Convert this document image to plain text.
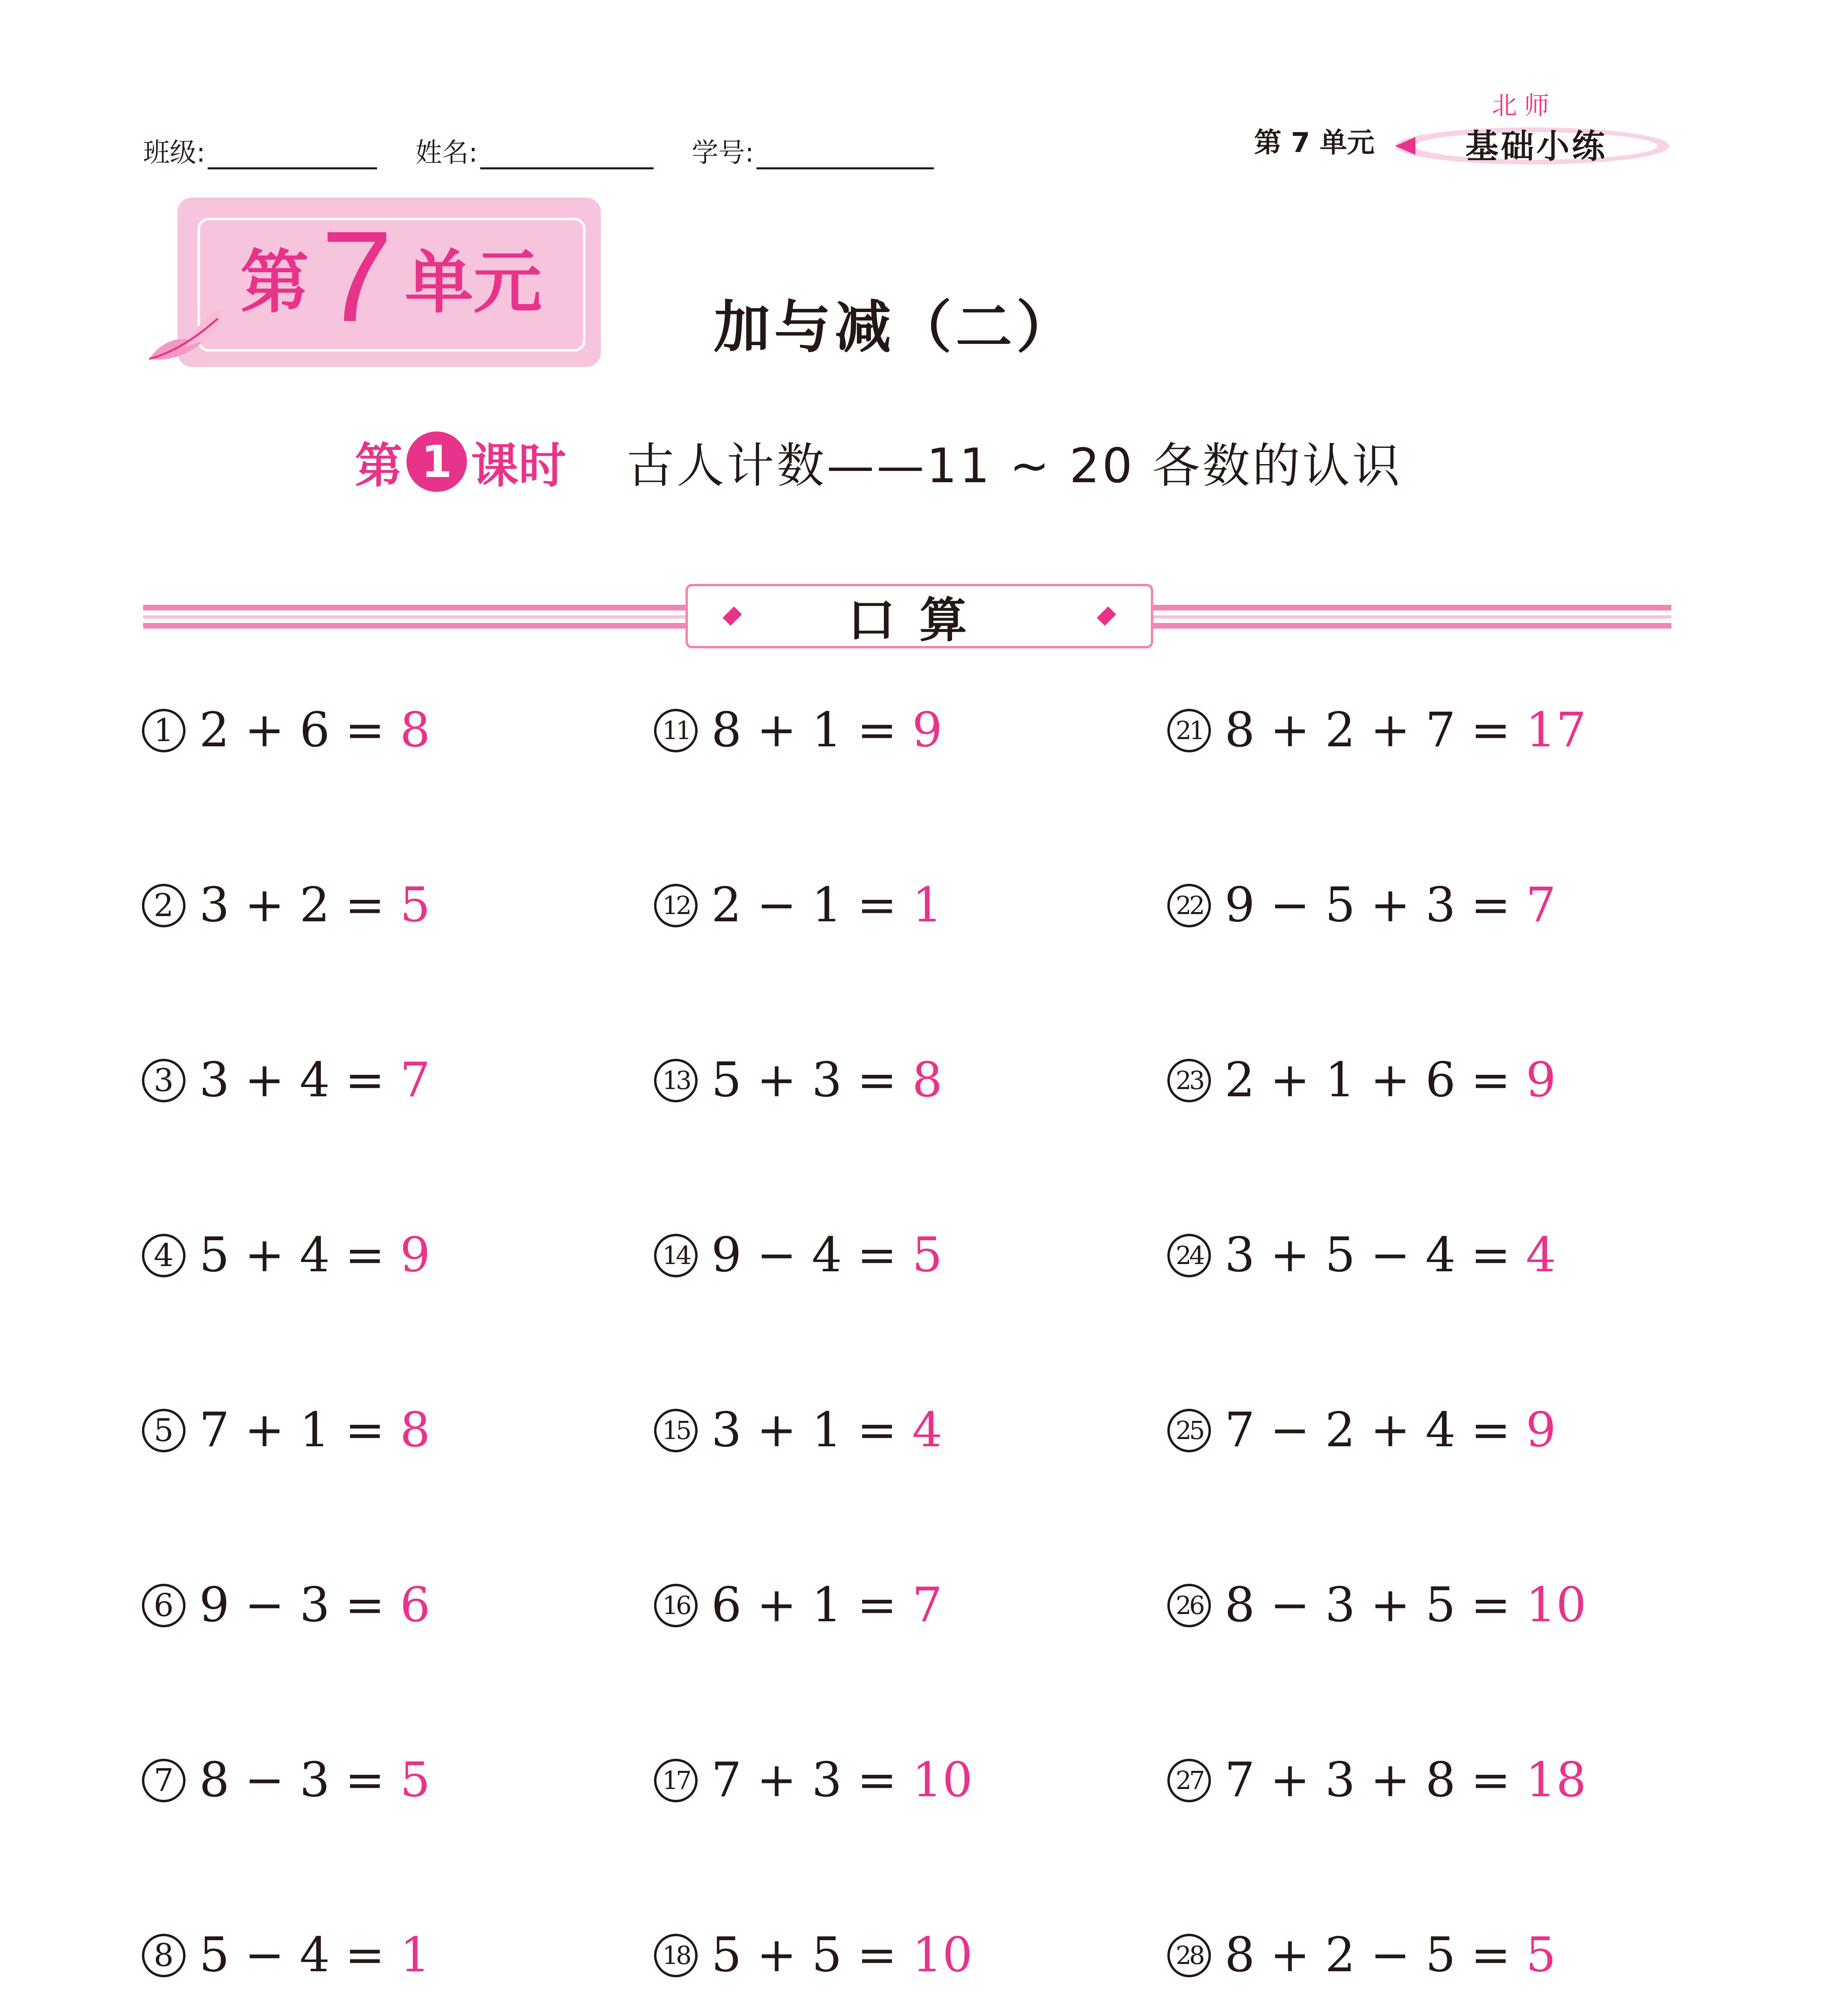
班级:	姓名:	学号:	第 7 单元
北师
基础小练
第 7 单元
加与减（二）
第 1 课时 古人计数——11 ~ 20 各数的认识
口算
1 2 + 6 =
8
2 3 + 2 =
5
3 3 + 4 =
7
4 5 + 4 =
9
5 7 + 1 =
8
6 9 − 3 =
6
7 8 − 3 =
5
8 5 − 4 =
1

11 8 + 1 =
9
12 2 − 1 =
1
13 5 + 3 =
8
14 9 − 4 =
5
15 3 + 1 =
4
16 6 + 1 =
7
17 7 + 3 =
10
18 5 + 5 =
10

21 8 + 2 + 7 =
17
22 9 − 5 + 3 =
7
23 2 + 1 + 6 =
9
24 3 + 5 − 4 =
4
25 7 − 2 + 4 =
9
26 8 − 3 + 5 =
10
27 7 + 3 + 8 =
18
28 8 + 2 − 5 =
5
